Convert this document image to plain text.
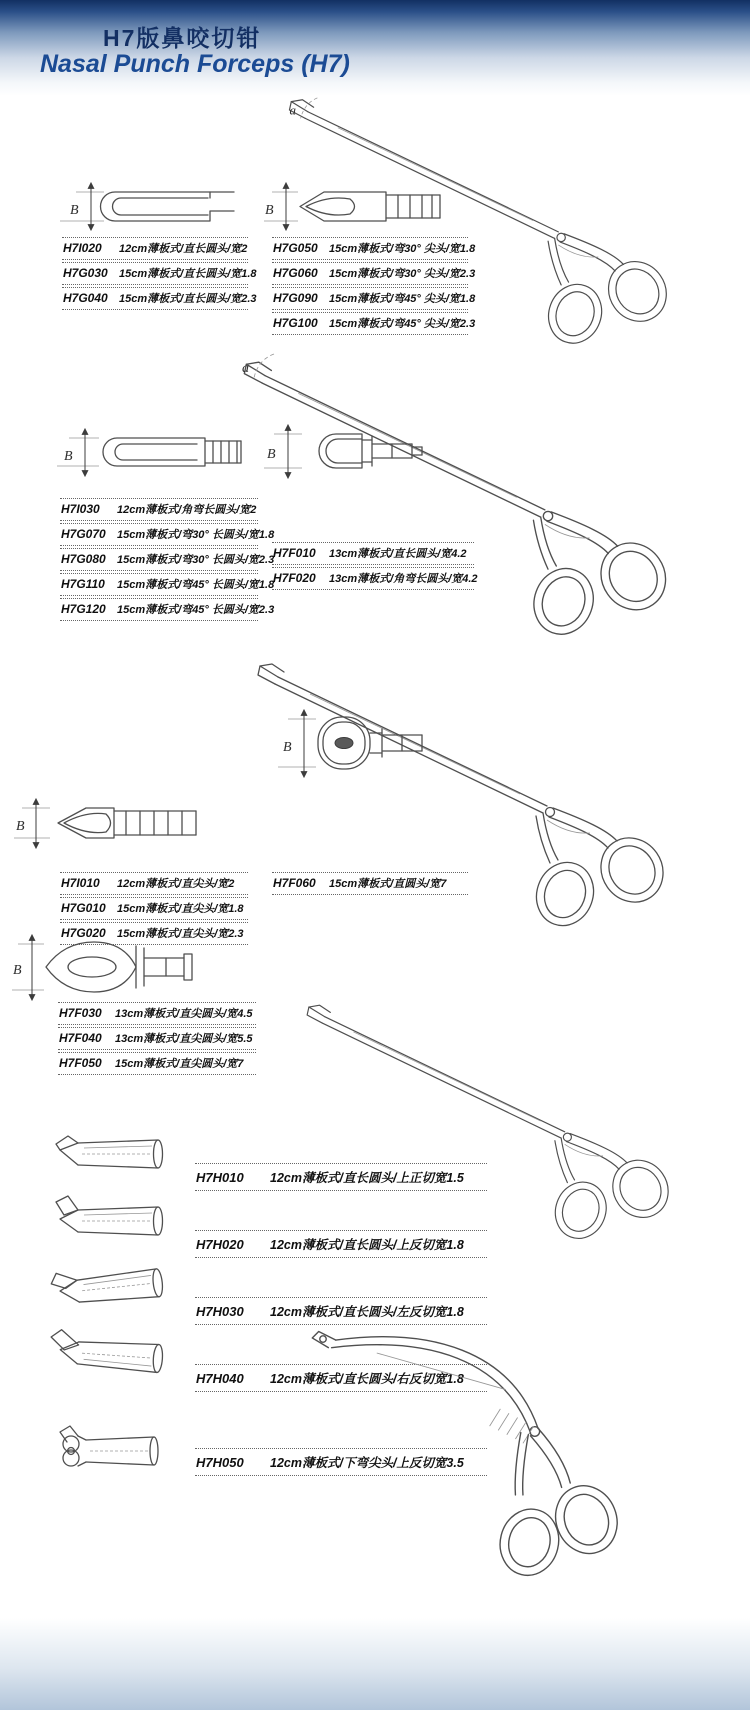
H7版鼻咬切钳
Nasal Punch Forceps (H7)
a
B	B
H7I020	12cm薄板式/直长圆头/宽2
H7G030	15cm薄板式/直长圆头/宽1.8
H7G040	15cm薄板式/直长圆头/宽2.3
H7G050	15cm薄板式/弯30° 尖头/宽1.8
H7G060	15cm薄板式/弯30° 尖头/宽2.3
H7G090	15cm薄板式/弯45° 尖头/宽1.8
H7G100	15cm薄板式/弯45° 尖头/宽2.3
a
B	B
H7I030	12cm薄板式/角弯长圆头/宽2
H7G070	15cm薄板式/弯30° 长圆头/宽1.8
H7G080	15cm薄板式/弯30° 长圆头/宽2.3
H7G110	15cm薄板式/弯45° 长圆头/宽1.8
H7G120	15cm薄板式/弯45° 长圆头/宽2.3
H7F010	13cm薄板式/直长圆头/宽4.2
H7F020	13cm薄板式/角弯长圆头/宽4.2
B
B
H7I010	12cm薄板式/直尖头/宽2
H7G010	15cm薄板式/直尖头/宽1.8
H7G020	15cm薄板式/直尖头/宽2.3
H7F060	15cm薄板式/直圆头/宽7
B
H7F030	13cm薄板式/直尖圆头/宽4.5
H7F040	13cm薄板式/直尖圆头/宽5.5
H7F050	15cm薄板式/直尖圆头/宽7
H7H010	12cm薄板式/直长圆头/上正切宽1.5
H7H020	12cm薄板式/直长圆头/上反切宽1.8
H7H030	12cm薄板式/直长圆头/左反切宽1.8
H7H040	12cm薄板式/直长圆头/右反切宽1.8
H7H050	12cm薄板式/下弯尖头/上反切宽3.5
